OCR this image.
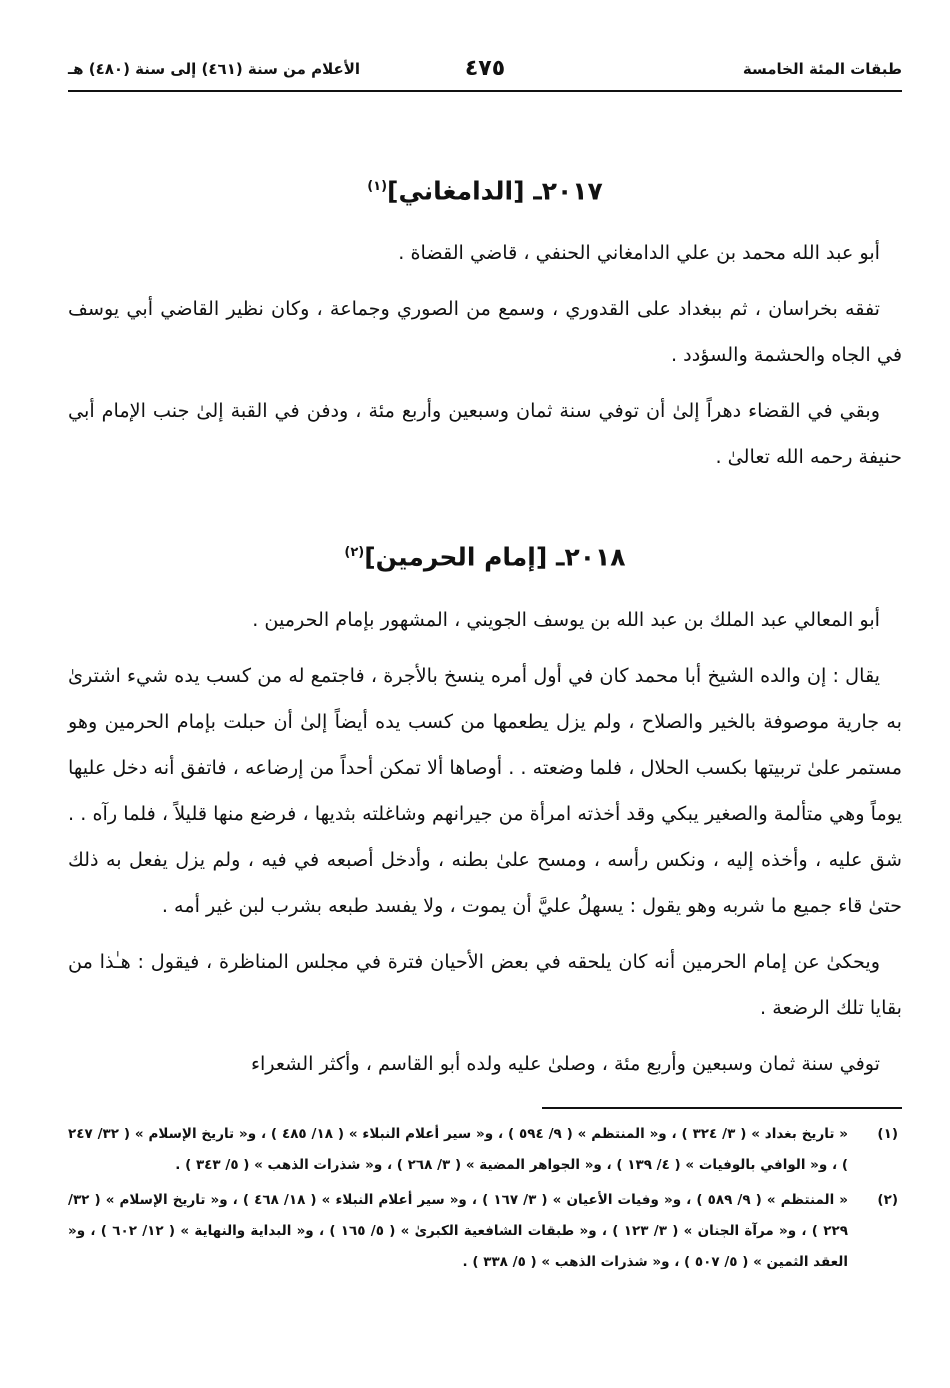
طبقات المئة الخامسة
٤٧٥
الأعلام من سنة (٤٦١) إلى سنة (٤٨٠) هـ
٢٠١٧ـ [الدامغاني]$^{(١)}$

أبو عبد الله محمد بن علي الدامغاني الحنفي ، قاضي القضاة .

تفقه بخراسان ، ثم ببغداد على القدوري ، وسمع من الصوري وجماعة ، وكان نظير القاضي أبي يوسف في الجاه والحشمة والسؤدد .

وبقي في القضاء دهراً إلىٰ أن توفي سنة ثمان وسبعين وأربع مئة ، ودفن في القبة إلىٰ جنب الإمام أبي حنيفة رحمه الله تعالىٰ .

٢٠١٨ـ [إمام الحرمين]$^{(٢)}$

أبو المعالي عبد الملك بن عبد الله بن يوسف الجويني ، المشهور بإمام الحرمين .

يقال : إن والده الشيخ أبا محمد كان في أول أمره ينسخ بالأجرة ، فاجتمع له من كسب يده شيء اشترىٰ به جارية موصوفة بالخير والصلاح ، ولم يزل يطعمها من كسب يده أيضاً إلىٰ أن حبلت بإمام الحرمين وهو مستمر علىٰ تربيتها بكسب الحلال ، فلما وضعته . . أوصاها ألا تمكن أحداً من إرضاعه ، فاتفق أنه دخل عليها يوماً وهي متألمة والصغير يبكي وقد أخذته امرأة من جيرانهم وشاغلته بثديها ، فرضع منها قليلاً ، فلما رآه . . شق عليه ، وأخذه إليه ، ونكس رأسه ، ومسح علىٰ بطنه ، وأدخل أصبعه في فيه ، ولم يزل يفعل به ذلك حتىٰ قاء جميع ما شربه وهو يقول : يسهلُ عليَّ أن يموت ، ولا يفسد طبعه بشرب لبن غير أمه .

ويحكىٰ عن إمام الحرمين أنه كان يلحقه في بعض الأحيان فترة في مجلس المناظرة ، فيقول : هـٰذا من بقايا تلك الرضعة .

توفي سنة ثمان وسبعين وأربع مئة ، وصلىٰ عليه ولده أبو القاسم ، وأكثر الشعراء

(١)
« تاريخ بغداد » ( ٣/ ٣٢٤ ) ، و« المنتظم » ( ٩/ ٥٩٤ ) ، و« سير أعلام النبلاء » ( ١٨/ ٤٨٥ ) ، و« تاريخ الإسلام » ( ٣٢/ ٢٤٧ ) ، و« الوافي بالوفيات » ( ٤/ ١٣٩ ) ، و« الجواهر المضية » ( ٣/ ٢٦٨ ) ، و« شذرات الذهب » ( ٥/ ٣٤٣ ) .
(٢)
« المنتظم » ( ٩/ ٥٨٩ ) ، و« وفيات الأعيان » ( ٣/ ١٦٧ ) ، و« سير أعلام النبلاء » ( ١٨/ ٤٦٨ ) ، و« تاريخ الإسلام » ( ٣٢/ ٢٢٩ ) ، و« مرآة الجنان » ( ٣/ ١٢٣ ) ، و« طبقات الشافعية الكبرىٰ » ( ٥/ ١٦٥ ) ، و« البداية والنهاية » ( ١٢/ ٦٠٢ ) ، و« العقد الثمين » ( ٥/ ٥٠٧ ) ، و« شذرات الذهب » ( ٥/ ٣٣٨ ) .
